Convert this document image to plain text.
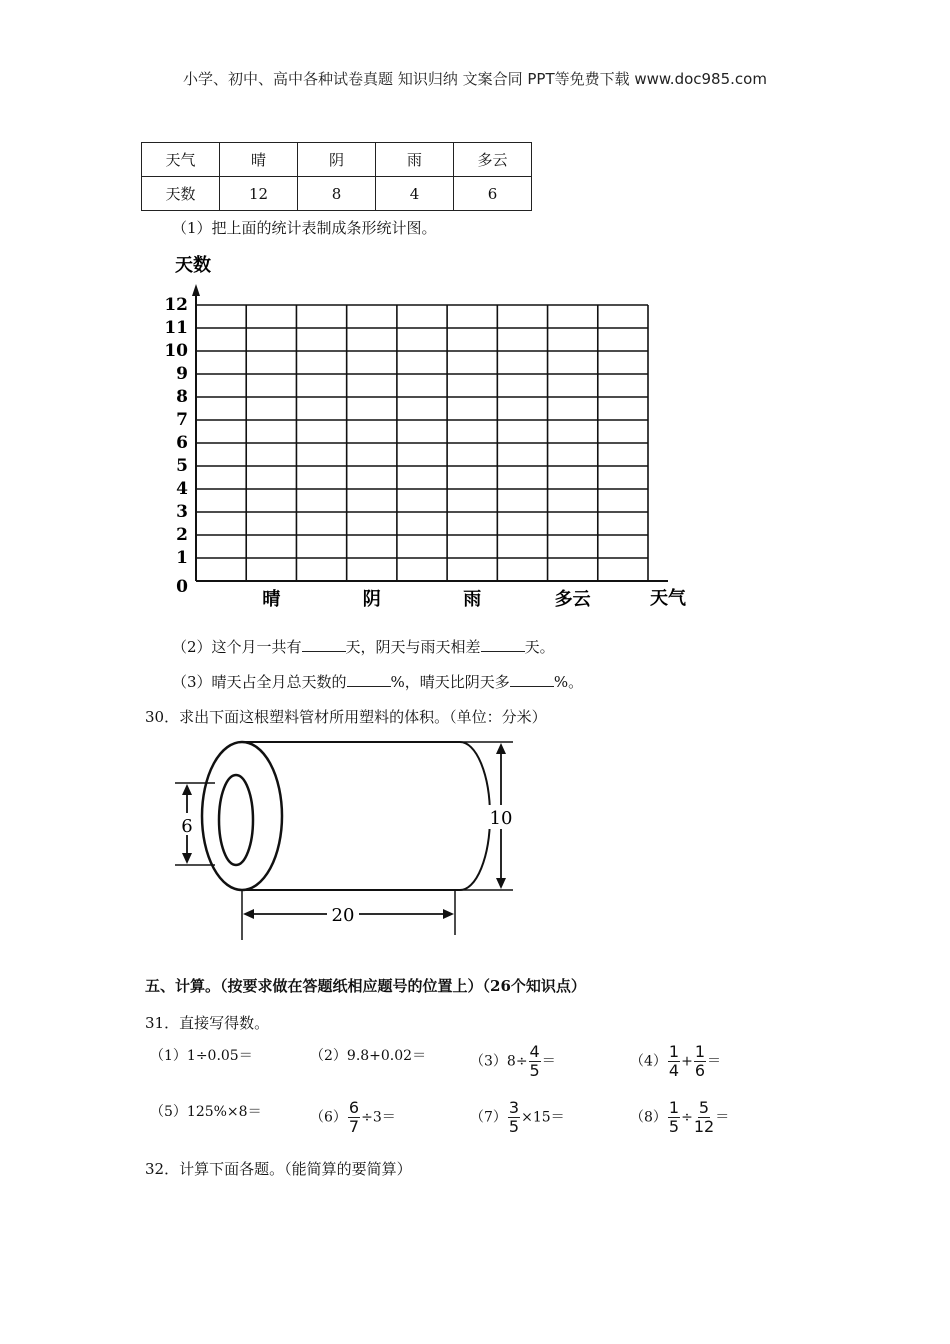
小学、初中、高中各种试卷真题 知识归纳 文案合同 PPT等免费下载 www.doc985.com
天气	晴	阴	雨	多云
天数	12	8	4	6
（1）把上面的统计表制成条形统计图。
天数
0
1
2
3
4
5
6
7
8
9
10
11
12
晴	阴	雨	多云	天气
（2）这个月一共有	天，阴天与雨天相差	天。
（3）晴天占全月总天数的	%，晴天比阴天多	%。
30．求出下面这根塑料管材所用塑料的体积。（单位：分米）
6	10
20
五、计算。（按要求做在答题纸相应题号的位置上）（26个知识点）
31．直接写得数。
（1）1÷0.05＝	（2）9.8+0.02＝	$(3)8\div \frac{4}{5}$ ＝	$(4) \frac{1}{4} + \frac{1}{6}$ ＝
（5）125%×8＝	$(6) \frac{6}{7} \div 3=$	$(7) \frac{3}{5} \times 15=$	$(8) \frac{1}{5} \div \frac{5}{12}$ ＝
32．计算下面各题。（能简算的要简算）
